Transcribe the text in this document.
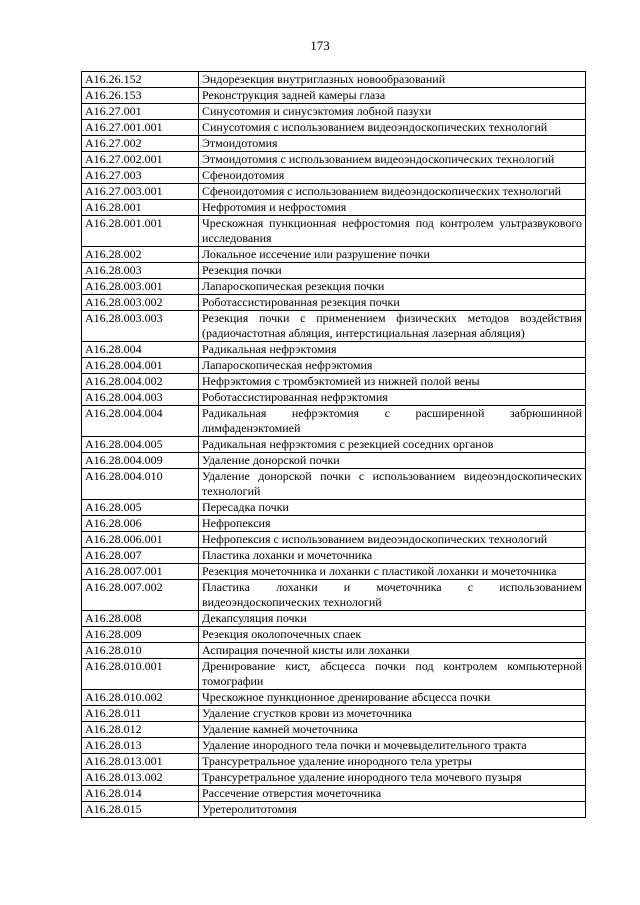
173
A16.26.152	Эндорезекция внутриглазных новообразований
A16.26.153	Реконструкция задней камеры глаза
A16.27.001	Синусотомия и синусэктомия лобной пазухи
A16.27.001.001	Синусотомия с использованием видеоэндоскопических технологий
A16.27.002	Этмоидотомия
A16.27.002.001	Этмоидотомия с использованием видеоэндоскопических технологий
A16.27.003	Сфеноидотомия
A16.27.003.001	Сфеноидотомия с использованием видеоэндоскопических технологий
A16.28.001	Нефротомия и нефростомия
A16.28.001.001	Чрескожная пункционная нефростомия под контролем ультразвукового исследования
A16.28.002	Локальное иссечение или разрушение почки
A16.28.003	Резекция почки
A16.28.003.001	Лапароскопическая резекция почки
A16.28.003.002	Роботассистированная резекция почки
A16.28.003.003	Резекция почки с применением физических методов воздействия (радиочастотная абляция, интерстициальная лазерная абляция)
A16.28.004	Радикальная нефрэктомия
A16.28.004.001	Лапароскопическая нефрэктомия
A16.28.004.002	Нефрэктомия с тромбэктомией из нижней полой вены
A16.28.004.003	Роботассистированная нефрэктомия
A16.28.004.004	Радикальная нефрэктомия с расширенной забрюшинной лимфаденэктомией
A16.28.004.005	Радикальная нефрэктомия с резекцией соседних органов
A16.28.004.009	Удаление донорской почки
A16.28.004.010	Удаление донорской почки с использованием видеоэндоскопических технологий
A16.28.005	Пересадка почки
A16.28.006	Нефропексия
A16.28.006.001	Нефропексия с использованием видеоэндоскопических технологий
A16.28.007	Пластика лоханки и мочеточника
A16.28.007.001	Резекция мочеточника и лоханки с пластикой лоханки и мочеточника
A16.28.007.002	Пластика лоханки и мочеточника с использованием видеоэндоскопических технологий
A16.28.008	Декапсуляция почки
A16.28.009	Резекция околопочечных спаек
A16.28.010	Аспирация почечной кисты или лоханки
A16.28.010.001	Дренирование кист, абсцесса почки под контролем компьютерной томографии
A16.28.010.002	Чрескожное пункционное дренирование абсцесса почки
A16.28.011	Удаление сгустков крови из мочеточника
A16.28.012	Удаление камней мочеточника
A16.28.013	Удаление инородного тела почки и мочевыделительного тракта
A16.28.013.001	Трансуретральное удаление инородного тела уретры
A16.28.013.002	Трансуретральное удаление инородного тела мочевого пузыря
A16.28.014	Рассечение отверстия мочеточника
A16.28.015	Уретеролитотомия
